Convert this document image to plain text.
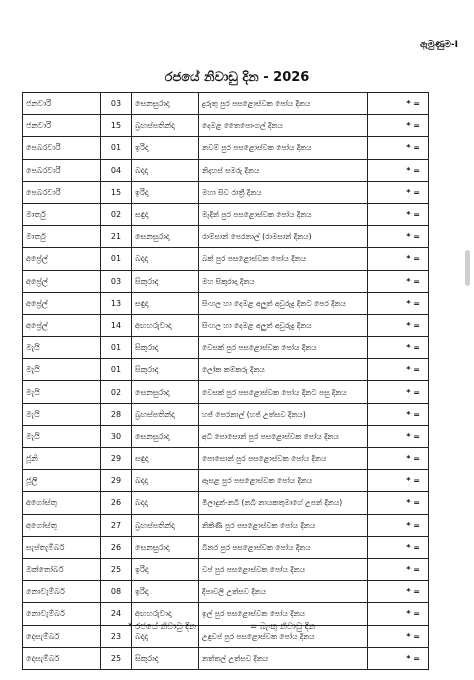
ඇමුණුම-I
රජයේ නිවාඩු දින - 2026
ජනවාරි	03	සෙනසුරාදා	දුරුතු පුර පසළොස්වක පෝය දිනය	* =
ජනවාරි	15	බ්‍රහස්පතින්දා	දෙමළ තෛපොංගල් දිනය	* =
පෙබරවාරි	01	ඉරිදා	නවම් පුර පසළොස්වක පෝය දිනය	* =
පෙබරවාරි	04	බදාදා	නිදහස් සමරු දිනය	* =
පෙබරවාරි	15	ඉරිදා	මහා සිව රාත්‍රී දිනය	* =
මාර්තු	02	සඳුදා	මැදින් පුර පසළොස්වක පෝය දිනය	* =
මාර්තු	21	සෙනසුරාදා	රාම්සාන් පෙරනාල් (රාමසාන් දිනය)	* =
අප්‍රේල්	01	බදාදා	බක් පුර පසළොස්වක පෝය දිනය	* =
අප්‍රේල්	03	සිකුරාදා	මහ සිකුරාදා දිනය	* =
අප්‍රේල්	13	සඳුදා	සිංහල හා දෙමළ අලුත් අවුරුදු දිනට පෙර දිනය	* =
අප්‍රේල්	14	අඟහරුවාදා	සිංහල හා දෙමළ අලුත් අවුරුදු දිනය	* =
මැයි	01	සිකුරාදා	වෙසක් පුර පසළොස්වක පෝය දිනය	* =
මැයි	01	සිකුරාදා	ලෝක කම්කරු දිනය	* =
මැයි	02	සෙනසුරාදා	වෙසක් පුර පසළොස්වක පෝය දිනට පසු දිනය	* =
මැයි	28	බ්‍රහස්පතින්දා	හජ් පෙරනාල් (හජ් උත්සව දිනය)	* =
මැයි	30	සෙනසුරාදා	අධි පොසොන් පුර පසළොස්වක පෝය දිනය	* =
ජූනි	29	සඳුදා	පොසොන් පුර පසළොස්වක පෝය දිනය	* =
ජූලි	29	බදාදා	ඇසළ පුර පසළොස්වක පෝය දිනය	* =
අගෝස්තු	26	බදාදා	මීලාදුන්-නබි (නබි නායකතුමාගේ උපන් දිනය)	* =
අගෝස්තු	27	බ්‍රහස්පතින්දා	නිකිණි පුර පසළොස්වක පෝය දිනය	* =
සැප්තැම්බර්	26	සෙනසුරාදා	බිනර පුර පසළොස්වක පෝය දිනය	* =
ඔක්තෝබර්	25	ඉරිදා	වප් පුර පසළොස්වක පෝය දිනය	* =
නොවැම්බර්	08	ඉරිදා	දීපාවලි උත්සව දිනය	* =
නොවැම්බර්	24	අඟහරුවාදා	ඉල් පුර පසළොස්වක පෝය දිනය	* =
දෙසැම්බර්	23	බදාදා	උඳුවප් පුර පසළොස්වක පෝය දිනය	* =
දෙසැම්බර්	25	සිකුරාදා	නත්තල් උත්සව දිනය	* =
* රජයේ නිවාඩු දින	= බැංකු නිවාඩු දින
